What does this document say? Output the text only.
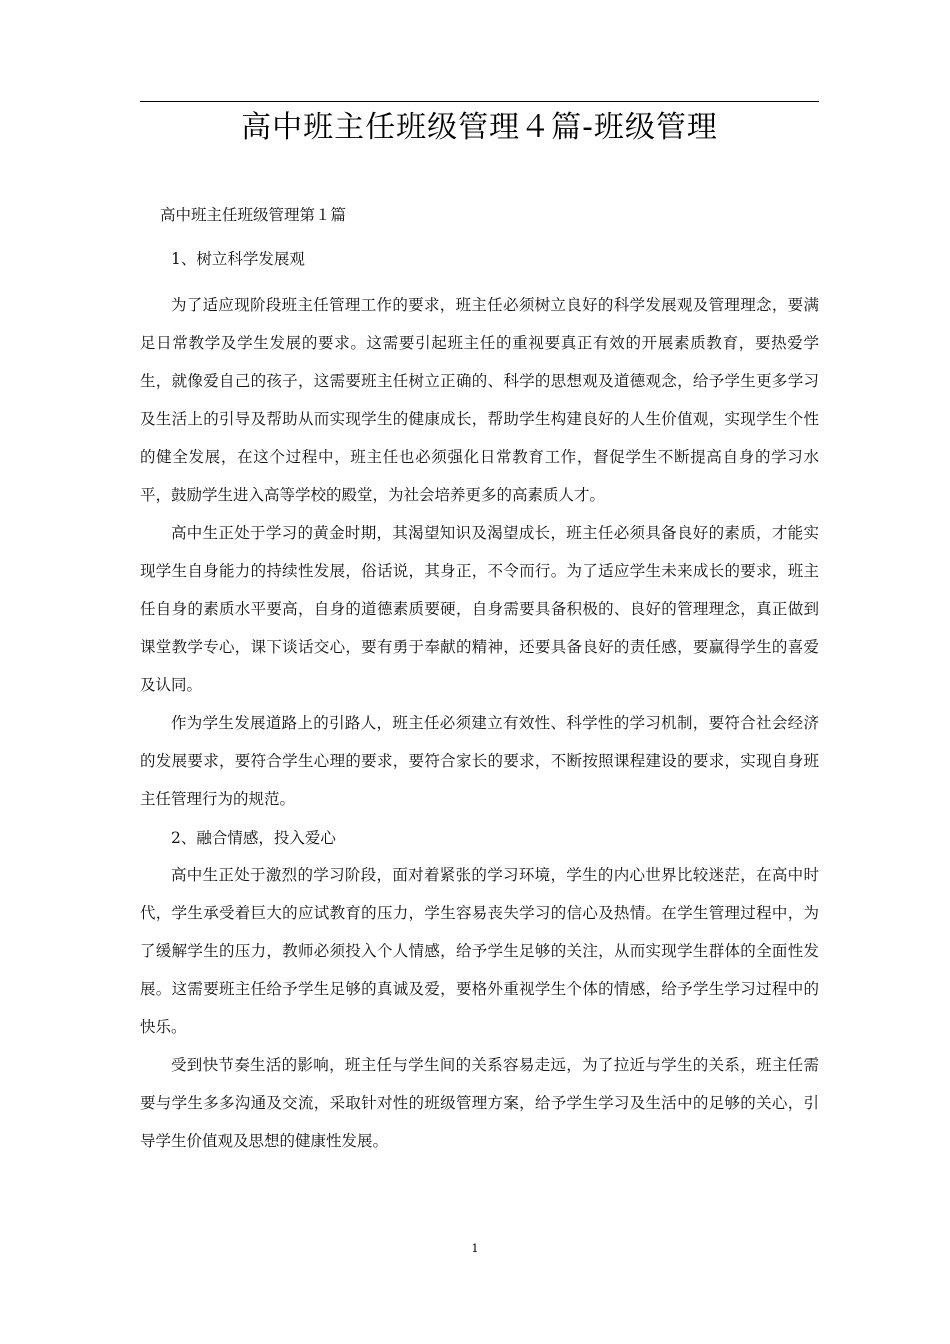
高中班主任班级管理４篇-班级管理

高中班主任班级管理第１篇

1、树立科学发展观

为了适应现阶段班主任管理工作的要求，班主任必须树立良好的科学发展观及管理理念，要满足日常教学及学生发展的要求。这需要引起班主任的重视要真正有效的开展素质教育，要热爱学生，就像爱自己的孩子，这需要班主任树立正确的、科学的思想观及道德观念，给予学生更多学习及生活上的引导及帮助从而实现学生的健康成长，帮助学生构建良好的人生价值观，实现学生个性的健全发展，在这个过程中，班主任也必须强化日常教育工作，督促学生不断提高自身的学习水平，鼓励学生进入高等学校的殿堂，为社会培养更多的高素质人才。

高中生正处于学习的黄金时期，其渴望知识及渴望成长，班主任必须具备良好的素质，才能实现学生自身能力的持续性发展，俗话说，其身正，不令而行。为了适应学生未来成长的要求，班主任自身的素质水平要高，自身的道德素质要硬，自身需要具备积极的、良好的管理理念，真正做到课堂教学专心，课下谈话交心，要有勇于奉献的精神，还要具备良好的责任感，要赢得学生的喜爱及认同。

作为学生发展道路上的引路人，班主任必须建立有效性、科学性的学习机制，要符合社会经济的发展要求，要符合学生心理的要求，要符合家长的要求，不断按照课程建设的要求，实现自身班主任管理行为的规范。

2、融合情感，投入爱心

高中生正处于激烈的学习阶段，面对着紧张的学习环境，学生的内心世界比较迷茫，在高中时代，学生承受着巨大的应试教育的压力，学生容易丧失学习的信心及热情。在学生管理过程中，为了缓解学生的压力，教师必须投入个人情感，给予学生足够的关注，从而实现学生群体的全面性发展。这需要班主任给予学生足够的真诚及爱，要格外重视学生个体的情感，给予学生学习过程中的快乐。

受到快节奏生活的影响，班主任与学生间的关系容易走远，为了拉近与学生的关系，班主任需要与学生多多沟通及交流，采取针对性的班级管理方案，给予学生学习及生活中的足够的关心，引导学生价值观及思想的健康性发展。

1
